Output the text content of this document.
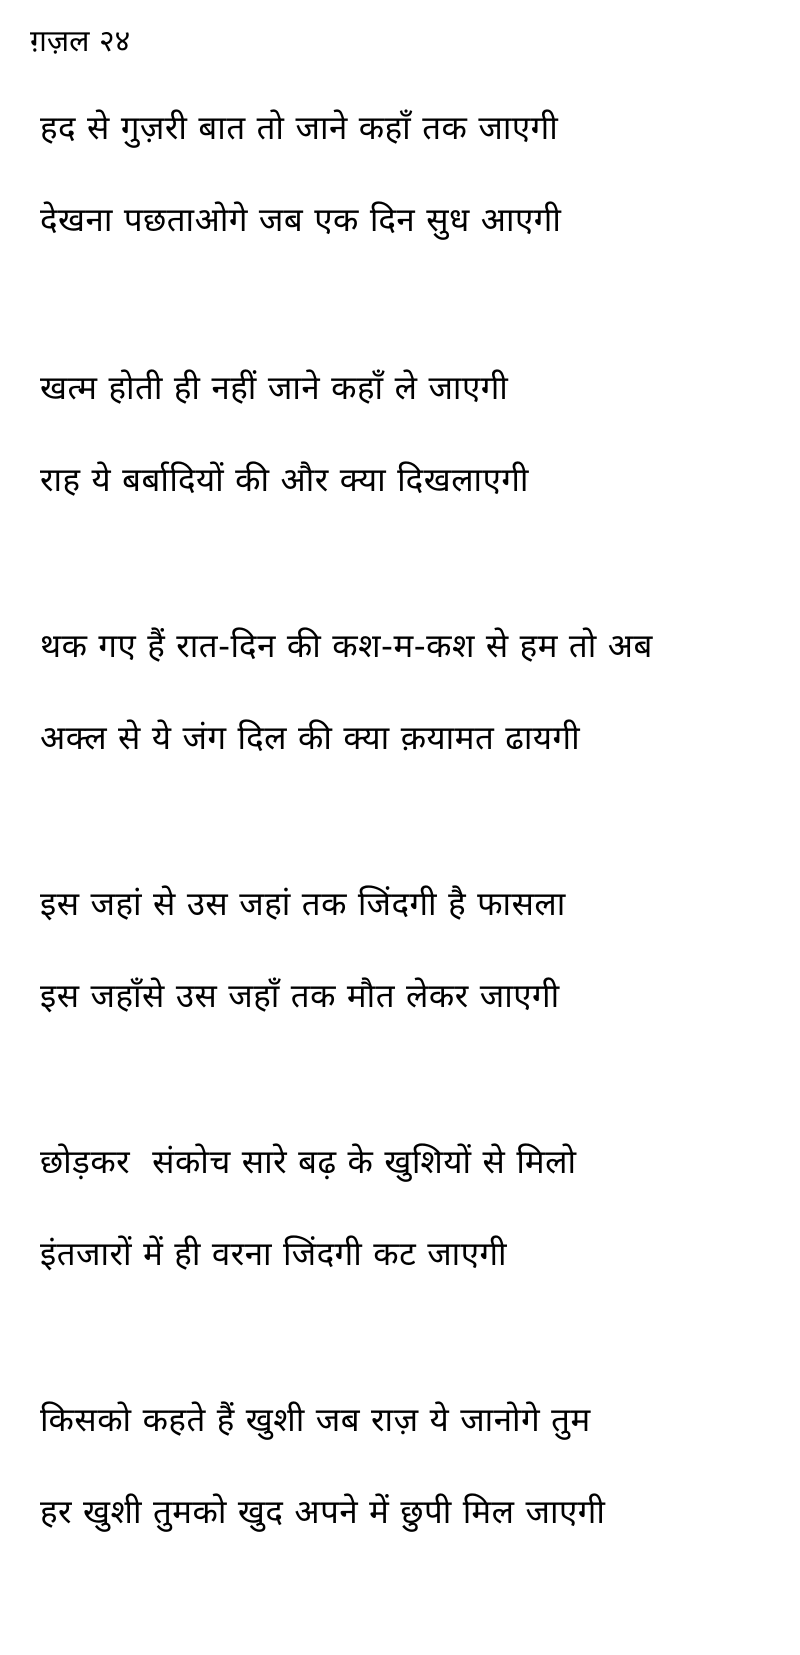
ग़ज़ल २४
हद से गुज़री बात तो जाने कहाँ तक जाएगी
देखना पछताओगे जब एक दिन सुध आएगी
खत्म होती ही नहीं जाने कहाँ ले जाएगी
राह ये बर्बादियों की और क्या दिखलाएगी
थक गए हैं रात-दिन की कश-म-कश से हम तो अब
अक्ल से ये जंग दिल की क्या क़यामत ढायगी
इस जहां से उस जहां तक जिंदगी है फासला
इस जहाँसे उस जहाँ तक मौत लेकर जाएगी
छोड़कर  संकोच सारे बढ़ के खुशियों से मिलो
इंतजारों में ही वरना जिंदगी कट जाएगी
किसको कहते हैं खुशी जब राज़ ये जानोगे तुम
हर खुशी तुमको खुद अपने में छुपी मिल जाएगी
